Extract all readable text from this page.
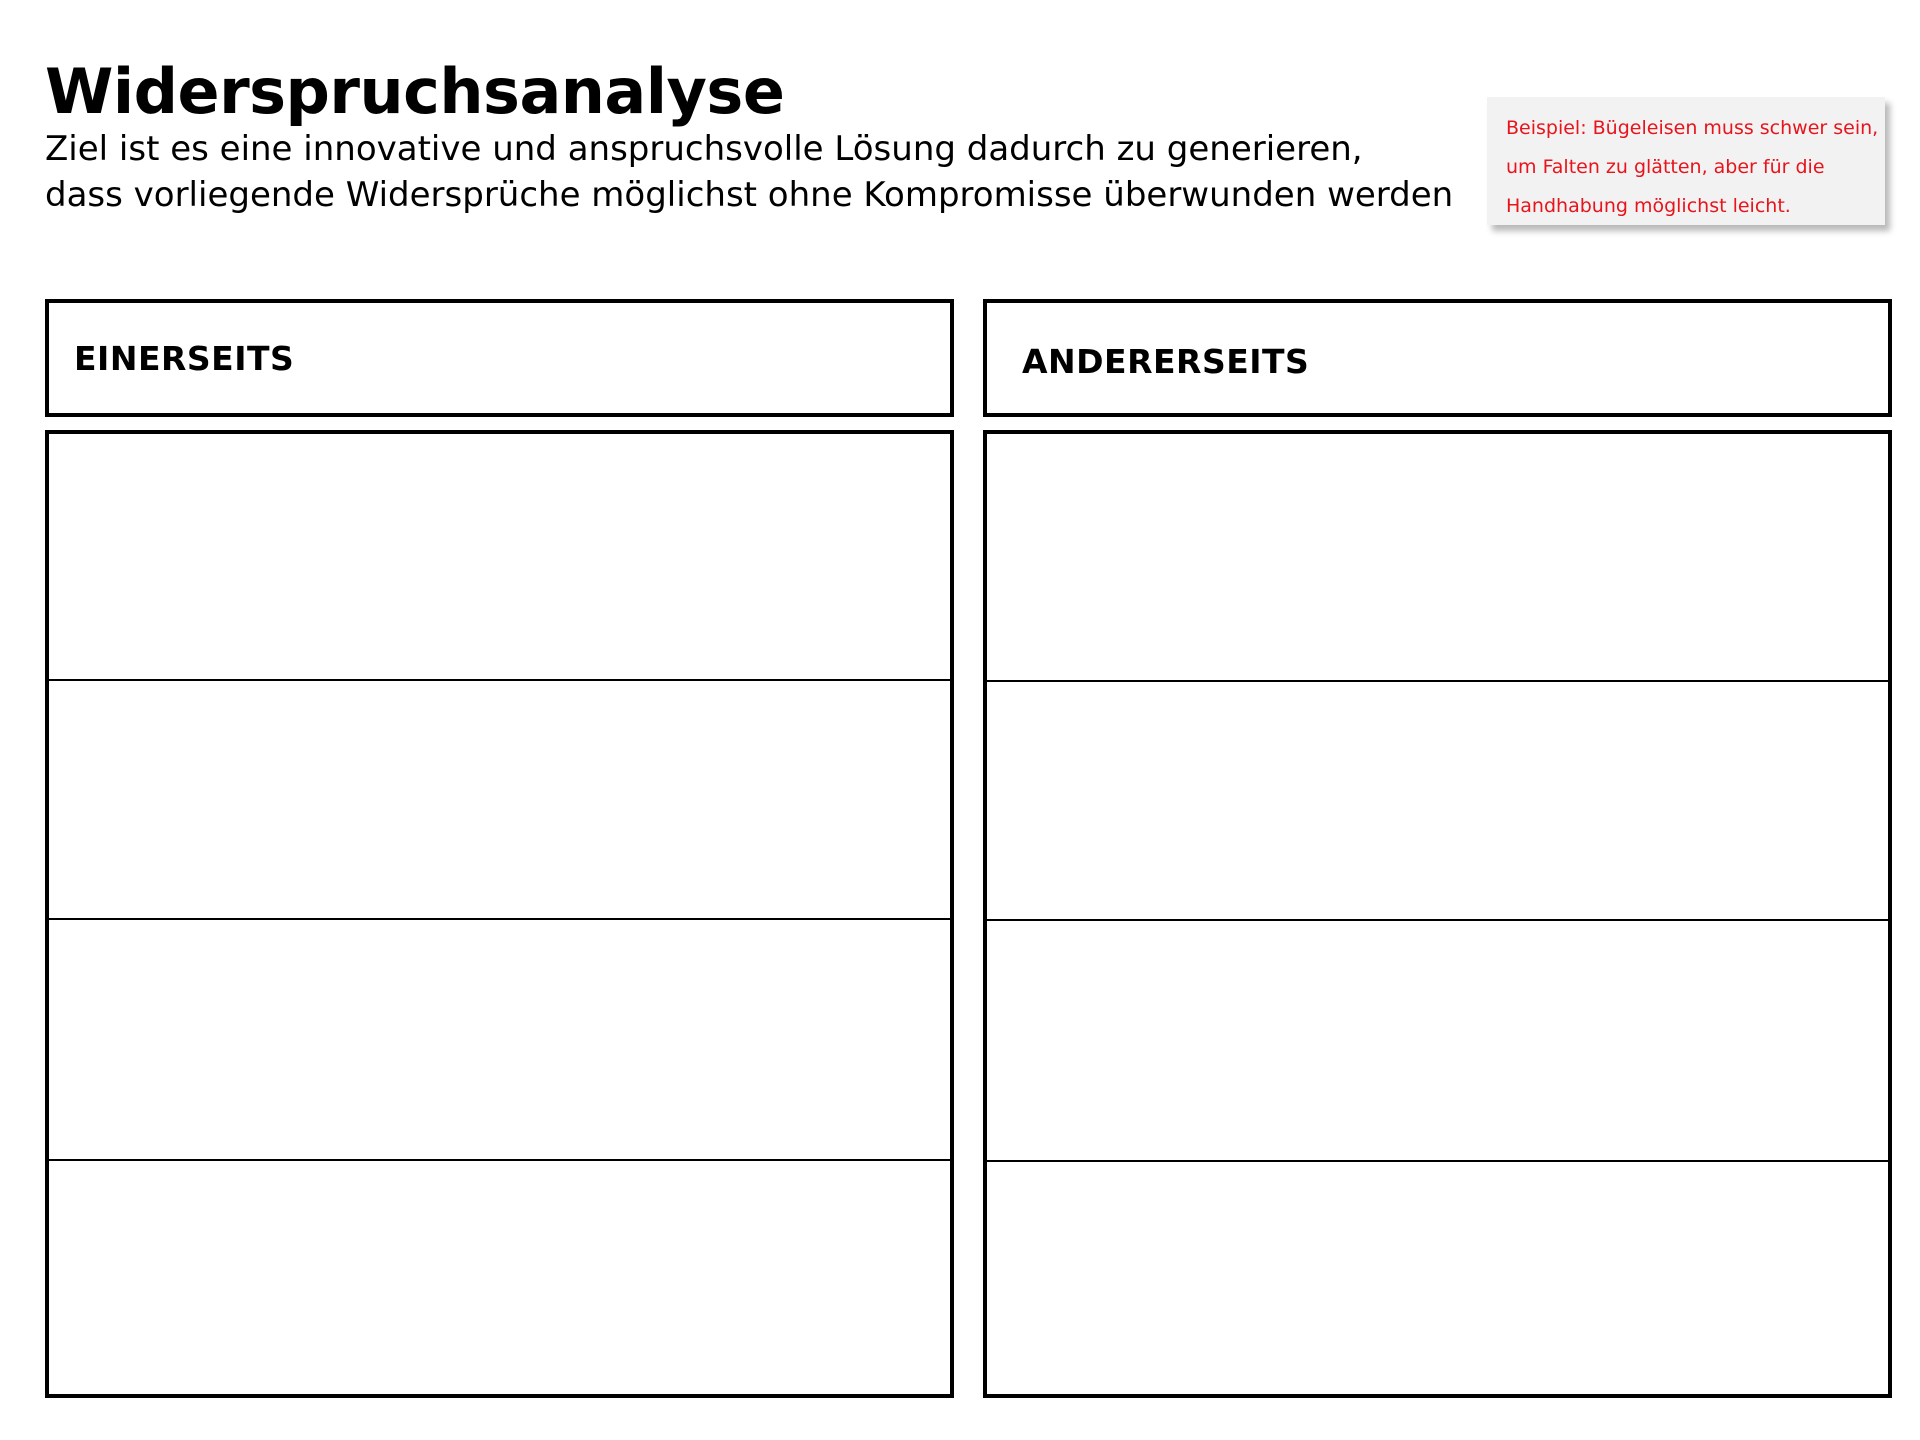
Widerspruchsanalyse
Ziel ist es eine innovative und anspruchsvolle Lösung dadurch zu generieren,
dass vorliegende Widersprüche möglichst ohne Kompromisse überwunden werden
Beispiel: Bügeleisen muss schwer sein,
um Falten zu glätten, aber für die
Handhabung möglichst leicht.
EINERSEITS	ANDERERSEITS
